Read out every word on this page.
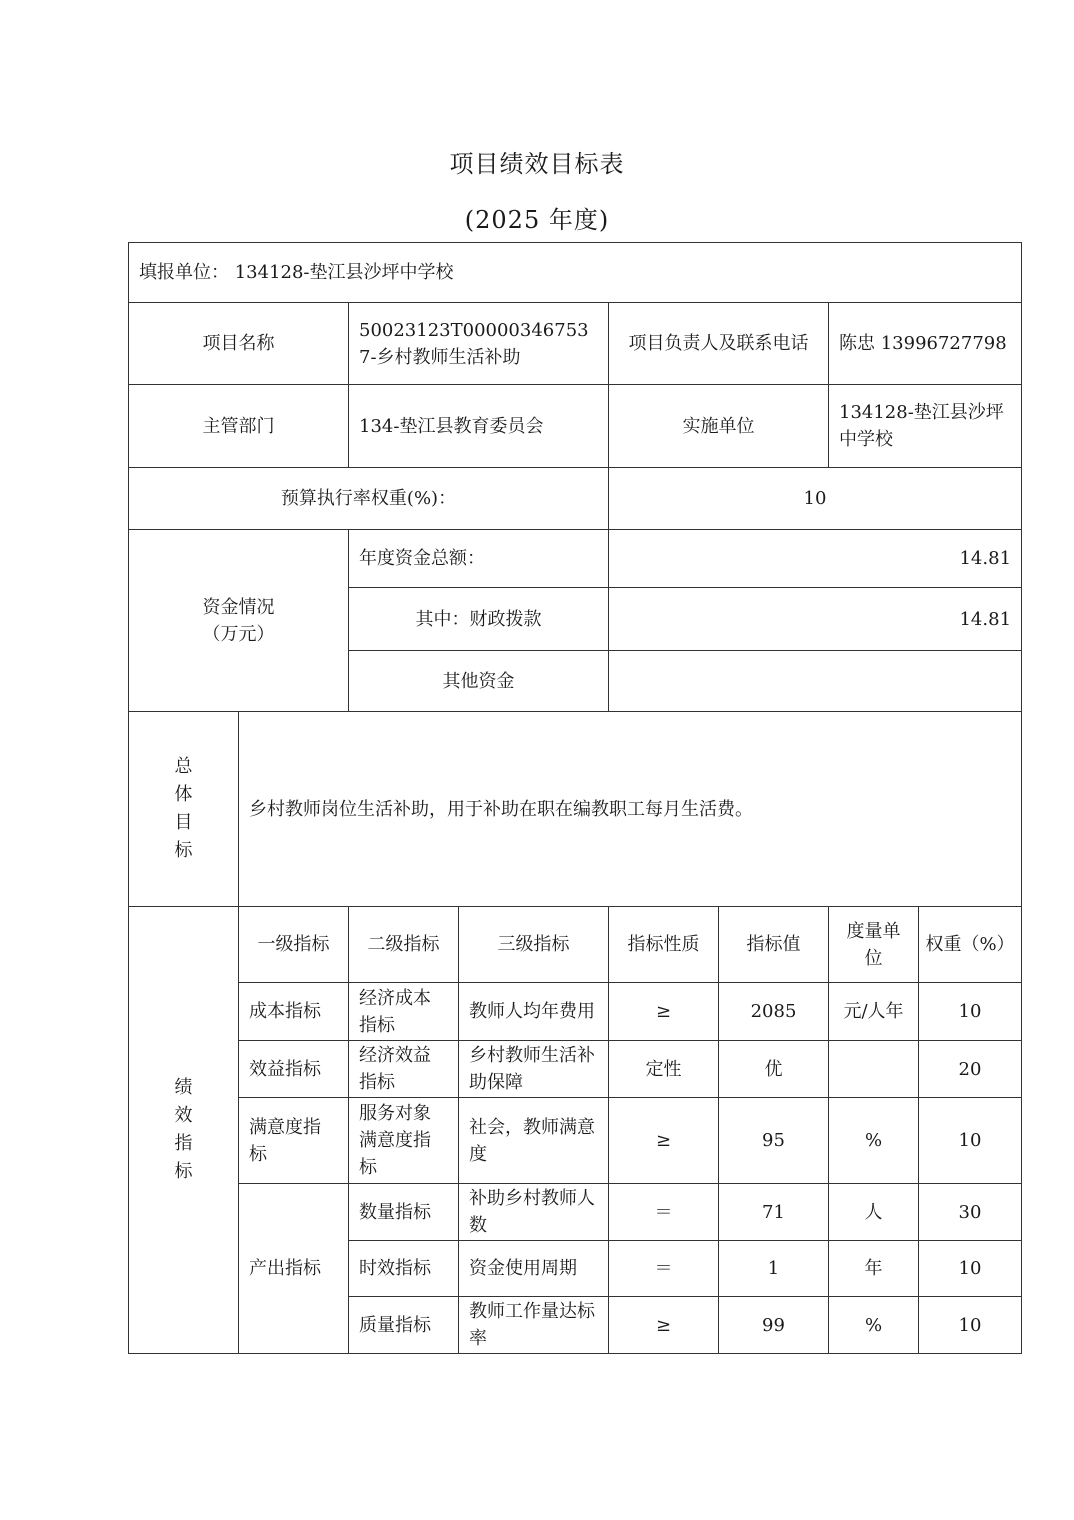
项目绩效目标表
(2025 年度)
填报单位： 134128-垫江县沙坪中学校							
项目名称		50023123T000003467537-乡村教师生活补助		项目负责人及联系电话		陈忠 13996727798	
主管部门		134-垫江县教育委员会		实施单位		134128-垫江县沙坪中学校	
预算执行率权重(%)：				10			

资金情况
（万元）		年度资金总额：		14.81			
		其中：财政拨款		14.81			
		其他资金					

总
体
目
标	乡村教师岗位生活补助，用于补助在职在编教职工每月生活费。						

绩
效
指
标	一级指标	二级指标	三级指标	指标性质	指标值	度量单位	权重（%）
	成本指标	经济成本指标	教师人均年费用	≥	2085	元/人年	10
	效益指标	经济效益指标	乡村教师生活补助保障	定性	优		20
	满意度指标	服务对象满意度指标	社会，教师满意度	≥	95	%	10
	产出指标	数量指标	补助乡村教师人数	＝	71	人	30
		时效指标	资金使用周期	＝	1	年	10
		质量指标	教师工作量达标率	≥	99	%	10
